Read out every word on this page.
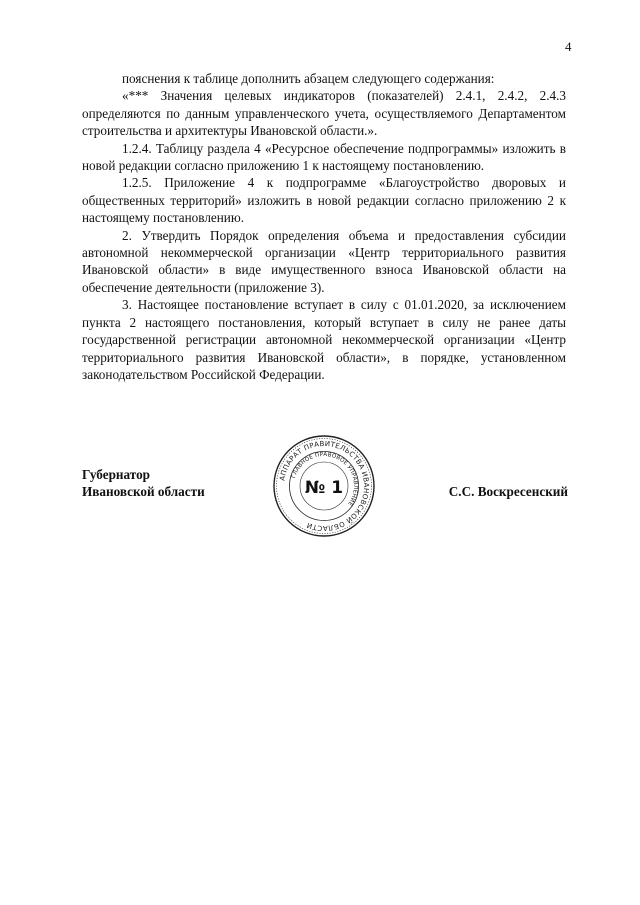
4

пояснения к таблице дополнить абзацем следующего содержания:

«*** Значения целевых индикаторов (показателей) 2.4.1, 2.4.2, 2.4.3 определяются по данным управленческого учета, осуществляемого Департаментом строительства и архитектуры Ивановской области.».

1.2.4. Таблицу раздела 4 «Ресурсное обеспечение подпрограммы» изложить в новой редакции согласно приложению 1 к настоящему постановлению.

1.2.5. Приложение 4 к подпрограмме «Благоустройство дворовых и общественных территорий» изложить в новой редакции согласно приложению 2 к настоящему постановлению.

2. Утвердить Порядок определения объема и предоставления субсидии автономной некоммерческой организации «Центр территориального развития Ивановской области» в виде имущественного взноса Ивановской области на обеспечение деятельности (приложение 3).

3. Настоящее постановление вступает в силу с 01.01.2020, за исключением пункта 2 настоящего постановления, который вступает в силу не ранее даты государственной регистрации автономной некоммерческой организации «Центр территориального развития Ивановской области», в порядке, установленном законодательством Российской Федерации.

Губернатор
Ивановской области	С.С. Воскресенский
АППАРАТ ПРАВИТЕЛЬСТВА ИВАНОВСКОЙ ОБЛАСТИ
ГЛАВНОЕ ПРАВОВОЕ УПРАВЛЕНИЕ
№ 1
